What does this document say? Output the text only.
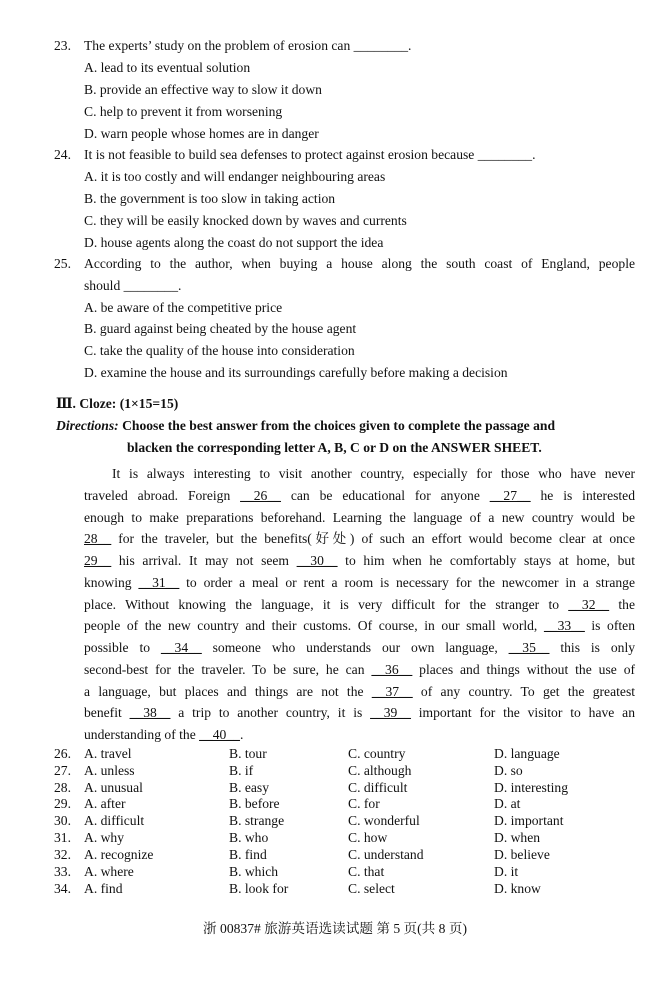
23. The experts’ study on the problem of erosion can ________.
A. lead to its eventual solution
B. provide an effective way to slow it down
C. help to prevent it from worsening
D. warn people whose homes are in danger
24. It is not feasible to build sea defenses to protect against erosion because ________.
A. it is too costly and will endanger neighbouring areas
B. the government is too slow in taking action
C. they will be easily knocked down by waves and currents
D. house agents along the coast do not support the idea
25. According to the author, when buying a house along the south coast of England, people
should ________.
A. be aware of the competitive price
B. guard against being cheated by the house agent
C. take the quality of the house into consideration
D. examine the house and its surroundings carefully before making a decision
Ⅲ. Cloze: (1×15=15)
Directions: Choose the best answer from the choices given to complete the passage and
blacken the corresponding letter A, B, C or D on the ANSWER SHEET.
It is always interesting to visit another country, especially for those who have never
traveled abroad. Foreign __26__ can be educational for anyone __27__ he is interested
enough to make preparations beforehand. Learning the language of a new country would be
28__ for the traveler, but the benefits(好处) of such an effort would become clear at once
29__ his arrival. It may not seem __30__ to him when he comfortably stays at home, but
knowing __31__ to order a meal or rent a room is necessary for the newcomer in a strange
place. Without knowing the language, it is very difficult for the stranger to __32__ the
people of the new country and their customs. Of course, in our small world, __33__ is often
possible to __34__ someone who understands our own language, __35__ this is only
second-best for the traveler. To be sure, he can __36__ places and things without the use of
a language, but places and things are not the __37__ of any country. To get the greatest
benefit __38__ a trip to another country, it is __39__ important for the visitor to have an
understanding of the __40__.
26. A. travel	B. tour	C. country	D. language
27. A. unless	B. if	C. although	D. so
28. A. unusual	B. easy	C. difficult	D. interesting
29. A. after	B. before	C. for	D. at
30. A. difficult	B. strange	C. wonderful	D. important
31. A. why	B. who	C. how	D. when
32. A. recognize	B. find	C. understand	D. believe
33. A. where	B. which	C. that	D. it
34. A. find	B. look for	C. select	D. know
浙 00837# 旅游英语选读试题 第 5 页(共 8 页)
